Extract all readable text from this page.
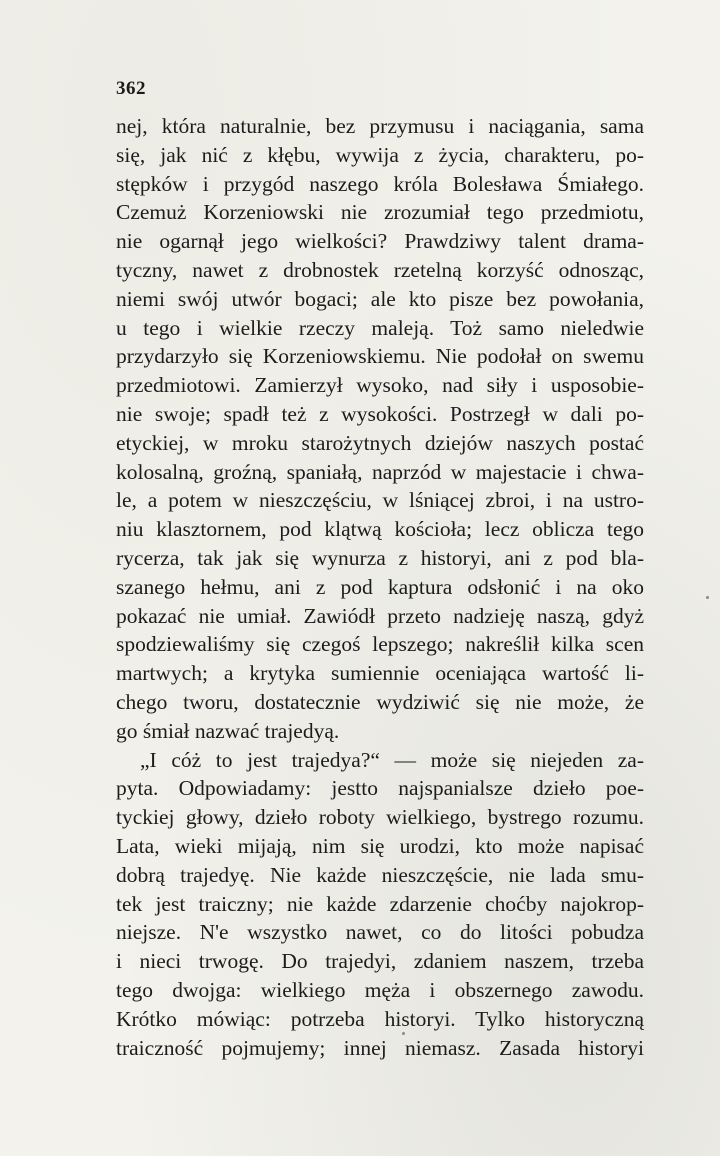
362
nej, która naturalnie, bez przymusu i naciągania, sama
się, jak nić z kłębu, wywija z życia, charakteru, po-
stępków i przygód naszego króla Bolesława Śmiałego.
Czemuż Korzeniowski nie zrozumiał tego przedmiotu,
nie ogarnął jego wielkości? Prawdziwy talent drama-
tyczny, nawet z drobnostek rzetelną korzyść odnosząc,
niemi swój utwór bogaci; ale kto pisze bez powołania,
u tego i wielkie rzeczy maleją. Toż samo nieledwie
przydarzyło się Korzeniowskiemu. Nie podołał on swemu
przedmiotowi. Zamierzył wysoko, nad siły i usposobie-
nie swoje; spadł też z wysokości. Postrzegł w dali po-
etyckiej, w mroku starożytnych dziejów naszych postać
kolosalną, groźną, spaniałą, naprzód w majestacie i chwa-
le, a potem w nieszczęściu, w lśniącej zbroi, i na ustro-
niu klasztornem, pod klątwą kościoła; lecz oblicza tego
rycerza, tak jak się wynurza z historyi, ani z pod bla-
szanego hełmu, ani z pod kaptura odsłonić i na oko
pokazać nie umiał. Zawiódł przeto nadzieję naszą, gdyż
spodziewaliśmy się czegoś lepszego; nakreślił kilka scen
martwych; a krytyka sumiennie oceniająca wartość li-
chego tworu, dostatecznie wydziwić się nie może, że
go śmiał nazwać trajedyą.
„I cóż to jest trajedya?“ — może się niejeden za-
pyta. Odpowiadamy: jestto najspanialsze dzieło poe-
tyckiej głowy, dzieło roboty wielkiego, bystrego rozumu.
Lata, wieki mijają, nim się urodzi, kto może napisać
dobrą trajedyę. Nie każde nieszczęście, nie lada smu-
tek jest traiczny; nie każde zdarzenie choćby najokrop-
niejsze. N'e wszystko nawet, co do litości pobudza
i nieci trwogę. Do trajedyi, zdaniem naszem, trzeba
tego dwojga: wielkiego męża i obszernego zawodu.
Krótko mówiąc: potrzeba historyi. Tylko historyczną
traiczność pojmujemy; innej niemasz. Zasada historyi
